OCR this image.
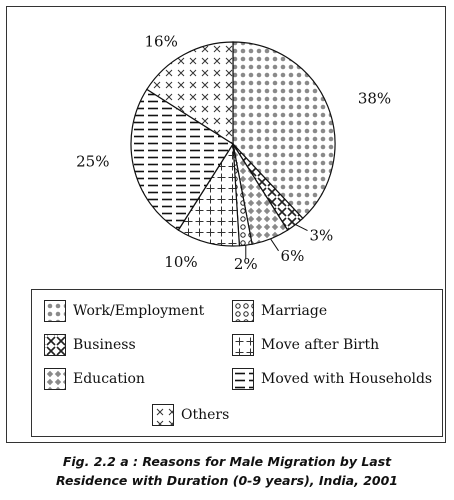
38%
3%
6%
2%
10%
25%
16%
Work/Employment	Marriage
Business	Move after Birth
Education	Moved with Households
Others
Fig. 2.2 a : Reasons for Male Migration by Last
Residence with Duration (0-9 years), India, 2001
